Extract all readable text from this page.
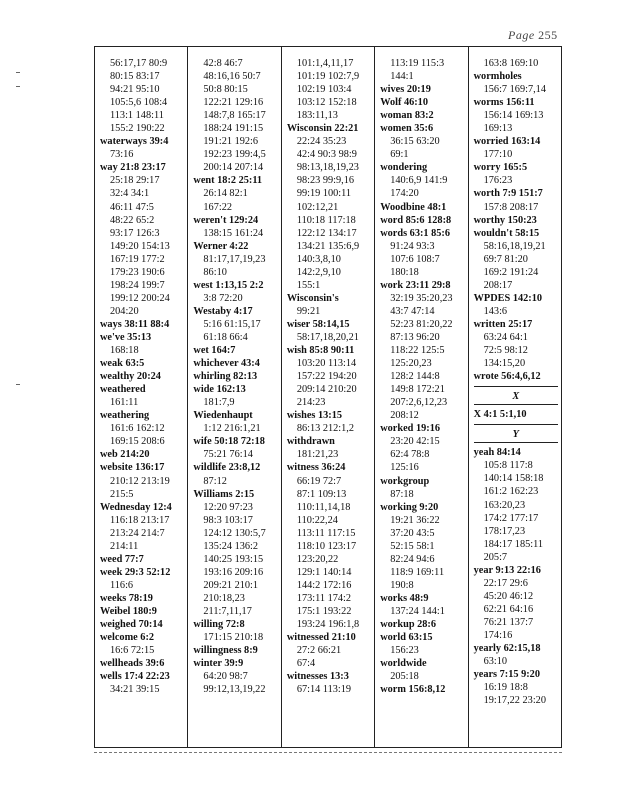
Page 255
56:17,17 80:9
80:15 83:17
94:21 95:10
105:5,6 108:4
113:1 148:11
155:2 190:22
waterways 39:4
73:16
way 21:8 23:17
25:18 29:17
32:4 34:1
46:11 47:5
48:22 65:2
93:17 126:3
149:20 154:13
167:19 177:2
179:23 190:6
198:24 199:7
199:12 200:24
204:20
ways 38:11 88:4
we've 35:13
168:18
weak 63:5
wealthy 20:24
weathered
161:11
weathering
161:6 162:12
169:15 208:6
web 214:20
website 136:17
210:12 213:19
215:5
Wednesday 12:4
116:18 213:17
213:24 214:7
214:11
weed 77:7
week 29:3 52:12
116:6
weeks 78:19
Weibel 180:9
weighed 70:14
welcome 6:2
16:6 72:15
wellheads 39:6
wells 17:4 22:23
34:21 39:15
42:8 46:7
48:16,16 50:7
50:8 80:15
122:21 129:16
148:7,8 165:17
188:24 191:15
191:21 192:6
192:23 199:4,5
200:14 207:14
went 18:2 25:11
26:14 82:1
167:22
weren't 129:24
138:15 161:24
Werner 4:22
81:17,17,19,23
86:10
west 1:13,15 2:2
3:8 72:20
Westaby 4:17
5:16 61:15,17
61:18 66:4
wet 164:7
whichever 43:4
whirling 82:13
wide 162:13
181:7,9
Wiedenhaupt
1:12 216:1,21
wife 50:18 72:18
75:21 76:14
wildlife 23:8,12
87:12
Williams 2:15
12:20 97:23
98:3 103:17
124:12 130:5,7
135:24 136:2
140:25 193:15
193:16 209:16
209:21 210:1
210:18,23
211:7,11,17
willing 72:8
171:15 210:18
willingness 8:9
winter 39:9
64:20 98:7
99:12,13,19,22
101:1,4,11,17
101:19 102:7,9
102:19 103:4
103:12 152:18
183:11,13
Wisconsin 22:21
22:24 35:23
42:4 90:3 98:9
98:13,18,19,23
98:23 99:9,16
99:19 100:11
102:12,21
110:18 117:18
122:12 134:17
134:21 135:6,9
140:3,8,10
142:2,9,10
155:1
Wisconsin's
99:21
wiser 58:14,15
58:17,18,20,21
wish 85:8 90:11
103:20 113:14
157:22 194:20
209:14 210:20
214:23
wishes 13:15
86:13 212:1,2
withdrawn
181:21,23
witness 36:24
66:19 72:7
87:1 109:13
110:11,14,18
110:22,24
113:11 117:15
118:10 123:17
123:20,22
129:1 140:14
144:2 172:16
173:11 174:2
175:1 193:22
193:24 196:1,8
witnessed 21:10
27:2 66:21
67:4
witnesses 13:3
67:14 113:19
113:19 115:3
144:1
wives 20:19
Wolf 46:10
woman 83:2
women 35:6
36:15 63:20
69:1
wondering
140:6,9 141:9
174:20
Woodbine 48:1
word 85:6 128:8
words 63:1 85:6
91:24 93:3
107:6 108:7
180:18
work 23:11 29:8
32:19 35:20,23
43:7 47:14
52:23 81:20,22
87:13 96:20
118:22 125:5
125:20,23
128:2 144:8
149:8 172:21
207:2,6,12,23
208:12
worked 19:16
23:20 42:15
62:4 78:8
125:16
workgroup
87:18
working 9:20
19:21 36:22
37:20 43:5
52:15 58:1
82:24 94:6
118:9 169:11
190:8
works 48:9
137:24 144:1
workup 28:6
world 63:15
156:23
worldwide
205:18
worm 156:8,12
163:8 169:10
wormholes
156:7 169:7,14
worms 156:11
156:14 169:13
169:13
worried 163:14
177:10
worry 165:5
176:23
worth 7:9 151:7
157:8 208:17
worthy 150:23
wouldn't 58:15
58:16,18,19,21
69:7 81:20
169:2 191:24
208:17
WPDES 142:10
143:6
written 25:17
63:24 64:1
72:5 98:12
134:15,20
wrote 56:4,6,12
X
X 4:1 5:1,10
Y
yeah 84:14
105:8 117:8
140:14 158:18
161:2 162:23
163:20,23
174:2 177:17
178:17,23
184:17 185:11
205:7
year 9:13 22:16
22:17 29:6
45:20 46:12
62:21 64:16
76:21 137:7
174:16
yearly 62:15,18
63:10
years 7:15 9:20
16:19 18:8
19:17,22 23:20
